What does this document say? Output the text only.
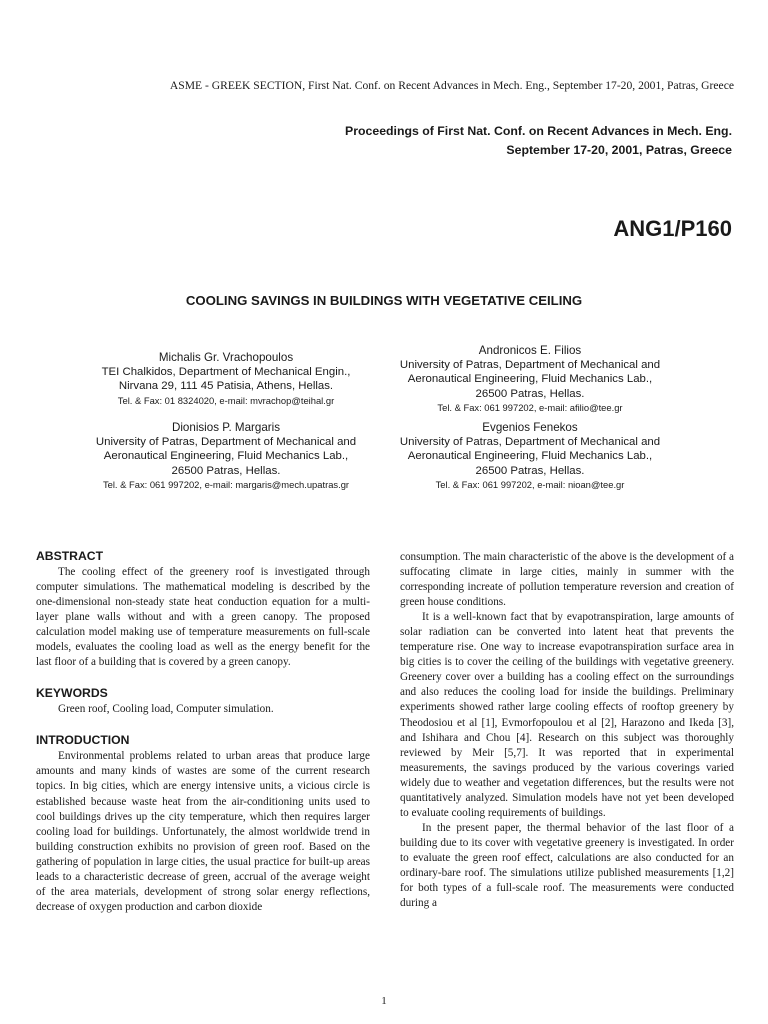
ASME - GREEK SECTION, First Nat. Conf. on Recent Advances in Mech. Eng., September 17-20, 2001, Patras, Greece
Proceedings of First Nat. Conf. on Recent Advances in Mech. Eng.
September 17-20, 2001, Patras, Greece
ANG1/P160
COOLING SAVINGS IN BUILDINGS WITH VEGETATIVE CEILING
Michalis Gr. Vrachopoulos
TEI Chalkidos, Department of Mechanical Engin.,
Nirvana 29, 111 45 Patisia, Athens, Hellas.
Tel. & Fax: 01 8324020, e-mail: mvrachop@teihal.gr
Andronicos E. Filios
University of Patras, Department of Mechanical and
Aeronautical Engineering, Fluid Mechanics Lab.,
26500 Patras, Hellas.
Tel. & Fax: 061 997202, e-mail: afilio@tee.gr
Dionisios P. Margaris
University of Patras, Department of Mechanical and
Aeronautical Engineering, Fluid Mechanics Lab.,
26500 Patras, Hellas.
Tel. & Fax: 061 997202, e-mail: margaris@mech.upatras.gr
Evgenios Fenekos
University of Patras, Department of Mechanical and
Aeronautical Engineering, Fluid Mechanics Lab.,
26500 Patras, Hellas.
Tel. & Fax: 061 997202, e-mail: nioan@tee.gr
ABSTRACT

The cooling effect of the greenery roof is investigated through computer simulations. The mathematical modeling is described by the one-dimensional non-steady state heat conduction equation for a multi-layer plane walls without and with a green canopy. The proposed calculation model making use of temperature measurements on full-scale models, evaluates the cooling load as well as the energy benefit for the last floor of a building that is covered by a green canopy.

KEYWORDS

Green roof, Cooling load, Computer simulation.

INTRODUCTION

Environmental problems related to urban areas that produce large amounts and many kinds of wastes are some of the current research topics. In big cities, which are energy intensive units, a vicious circle is established because waste heat from the air-conditioning units used to cool buildings drives up the city temperature, which then requires larger cooling load for buildings. Unfortunately, the almost worldwide trend in building construction exhibits no provision of green roof. Based on the gathering of population in large cities, the usual practice for built-up areas leads to a characteristic decrease of green, accrual of the average weight of the area materials, development of strong solar energy reflections, decrease of oxygen production and carbon dioxide

consumption. The main characteristic of the above is the development of a suffocating climate in large cities, mainly in summer with the corresponding increate of pollution temperature reversion and creation of green house conditions.

It is a well-known fact that by evapotranspiration, large amounts of solar radiation can be converted into latent heat that prevents the temperature rise. One way to increase evapotranspiration surface area in big cities is to cover the ceiling of the buildings with vegetative greenery. Greenery cover over a building has a cooling effect on the surroundings and also reduces the cooling load for inside the buildings. Preliminary experiments showed rather large cooling effects of rooftop greenery by Theodosiou et al [1], Evmorfopoulou et al [2], Harazono and Ikeda [3], and Ishihara and Chou [4]. Research on this subject was thoroughly reviewed by Meir [5,7]. It was reported that in experimental measurements, the savings produced by the various coverings varied widely due to weather and vegetation differences, but the results were not quantitatively analyzed. Simulation models have not yet been developed to evaluate cooling requirements of buildings.

In the present paper, the thermal behavior of the last floor of a building due to its cover with vegetative greenery is investigated. In order to evaluate the green roof effect, calculations are also conducted for an ordinary-bare roof. The simulations utilize published measurements [1,2] for both types of a full-scale roof. The measurements were conducted during a

1
